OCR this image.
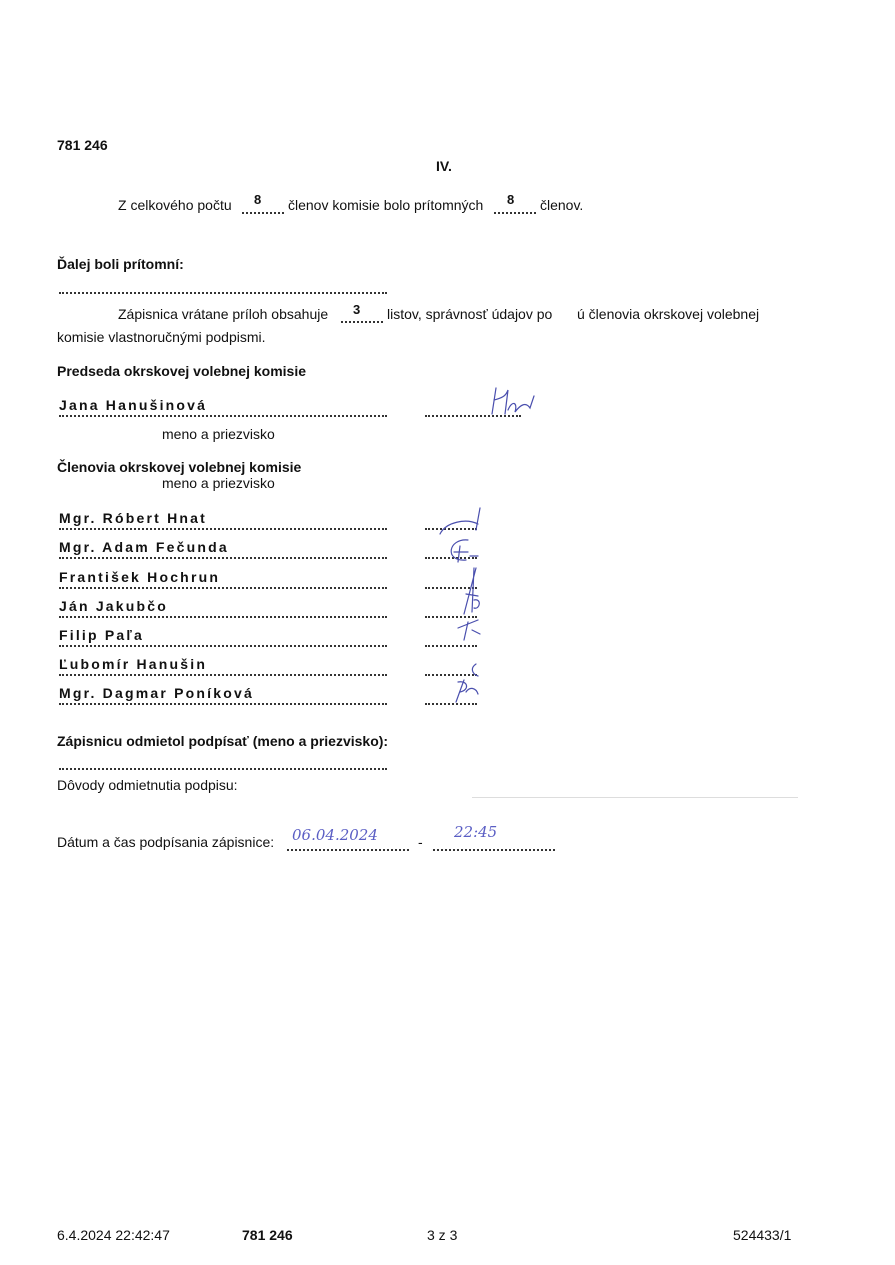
781 246
IV.
Z celkového počtu 8 členov komisie bolo prítomných 8 členov.
Ďalej boli prítomní:
Zápisnica vrátane príloh obsahuje 3 listov, správnosť údajov po ú členovia okrskovej volebnej
komisie vlastnoručnými podpismi.
Predseda okrskovej volebnej komisie
Jana Hanušinová
meno a priezvisko
Členovia okrskovej volebnej komisie
meno a priezvisko
Mgr. Róbert Hnat
Mgr. Adam Fečunda
František Hochrun
Ján Jakubčo
Filip Paľa
Ľubomír Hanušin
Mgr. Dagmar Poníková
Zápisnicu odmietol podpísať (meno a priezvisko):
Dôvody odmietnutia podpisu:
Dátum a čas podpísania zápisnice: 06.04.2024	-
22:45
6.4.2024 22:42:47	781 246	3 z 3	524433/1
